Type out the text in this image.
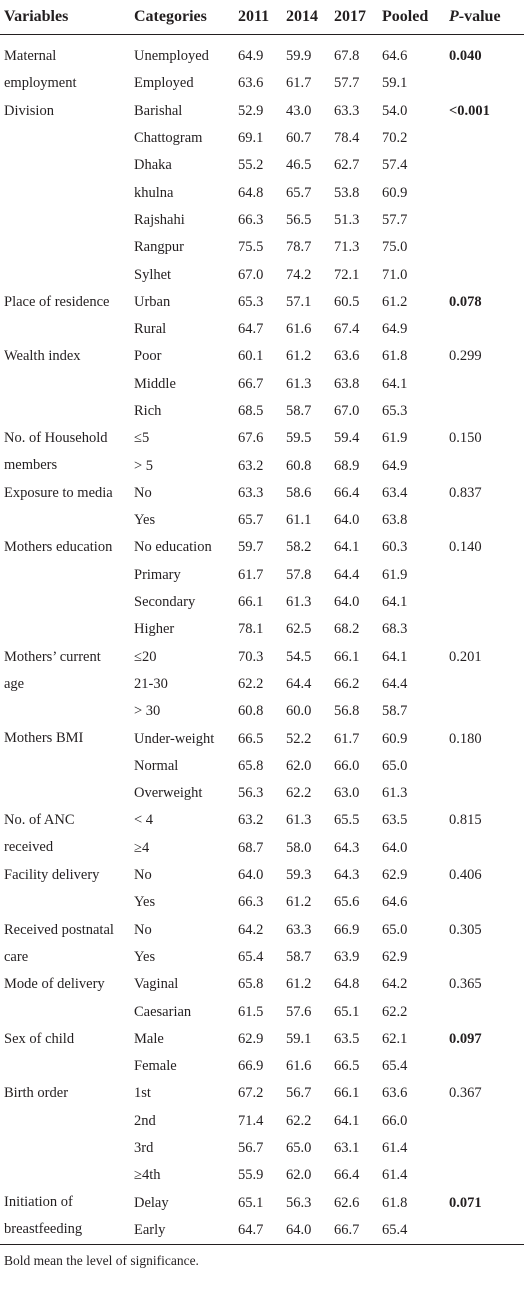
Variables	Categories	2011	2014	2017	Pooled	P-value

Maternal
employment	Unemployed	64.9	59.9	67.8	64.6	0.040
	Employed	63.6	61.7	57.7	59.1	

Division	Barishal	52.9	43.0	63.3	54.0	<0.001
	Chattogram	69.1	60.7	78.4	70.2	
	Dhaka	55.2	46.5	62.7	57.4	
	khulna	64.8	65.7	53.8	60.9	
	Rajshahi	66.3	56.5	51.3	57.7	
	Rangpur	75.5	78.7	71.3	75.0	
	Sylhet	67.0	74.2	72.1	71.0	

Place of residence	Urban	65.3	57.1	60.5	61.2	0.078
	Rural	64.7	61.6	67.4	64.9	

Wealth index	Poor	60.1	61.2	63.6	61.8	0.299
	Middle	66.7	61.3	63.8	64.1	
	Rich	68.5	58.7	67.0	65.3	

No. of Household
members	≤5	67.6	59.5	59.4	61.9	0.150
	> 5	63.2	60.8	68.9	64.9	

Exposure to media	No	63.3	58.6	66.4	63.4	0.837
	Yes	65.7	61.1	64.0	63.8	

Mothers education	No education	59.7	58.2	64.1	60.3	0.140
	Primary	61.7	57.8	64.4	61.9	
	Secondary	66.1	61.3	64.0	64.1	
	Higher	78.1	62.5	68.2	68.3	

Mothers’ current
age	≤20	70.3	54.5	66.1	64.1	0.201
	21-30	62.2	64.4	66.2	64.4	
	> 30	60.8	60.0	56.8	58.7	

Mothers BMI	Under-weight	66.5	52.2	61.7	60.9	0.180
	Normal	65.8	62.0	66.0	65.0	
	Overweight	56.3	62.2	63.0	61.3	

No. of ANC
received	< 4	63.2	61.3	65.5	63.5	0.815
	≥4	68.7	58.0	64.3	64.0	

Facility delivery	No	64.0	59.3	64.3	62.9	0.406
	Yes	66.3	61.2	65.6	64.6	

Received postnatal
care	No	64.2	63.3	66.9	65.0	0.305
	Yes	65.4	58.7	63.9	62.9	

Mode of delivery	Vaginal	65.8	61.2	64.8	64.2	0.365
	Caesarian	61.5	57.6	65.1	62.2	

Sex of child	Male	62.9	59.1	63.5	62.1	0.097
	Female	66.9	61.6	66.5	65.4	

Birth order	1st	67.2	56.7	66.1	63.6	0.367
	2nd	71.4	62.2	64.1	66.0	
	3rd	56.7	65.0	63.1	61.4	
	≥4th	55.9	62.0	66.4	61.4	

Initiation of
breastfeeding	Delay	65.1	56.3	62.6	61.8	0.071
	Early	64.7	64.0	66.7	65.4	
Bold mean the level of significance.
